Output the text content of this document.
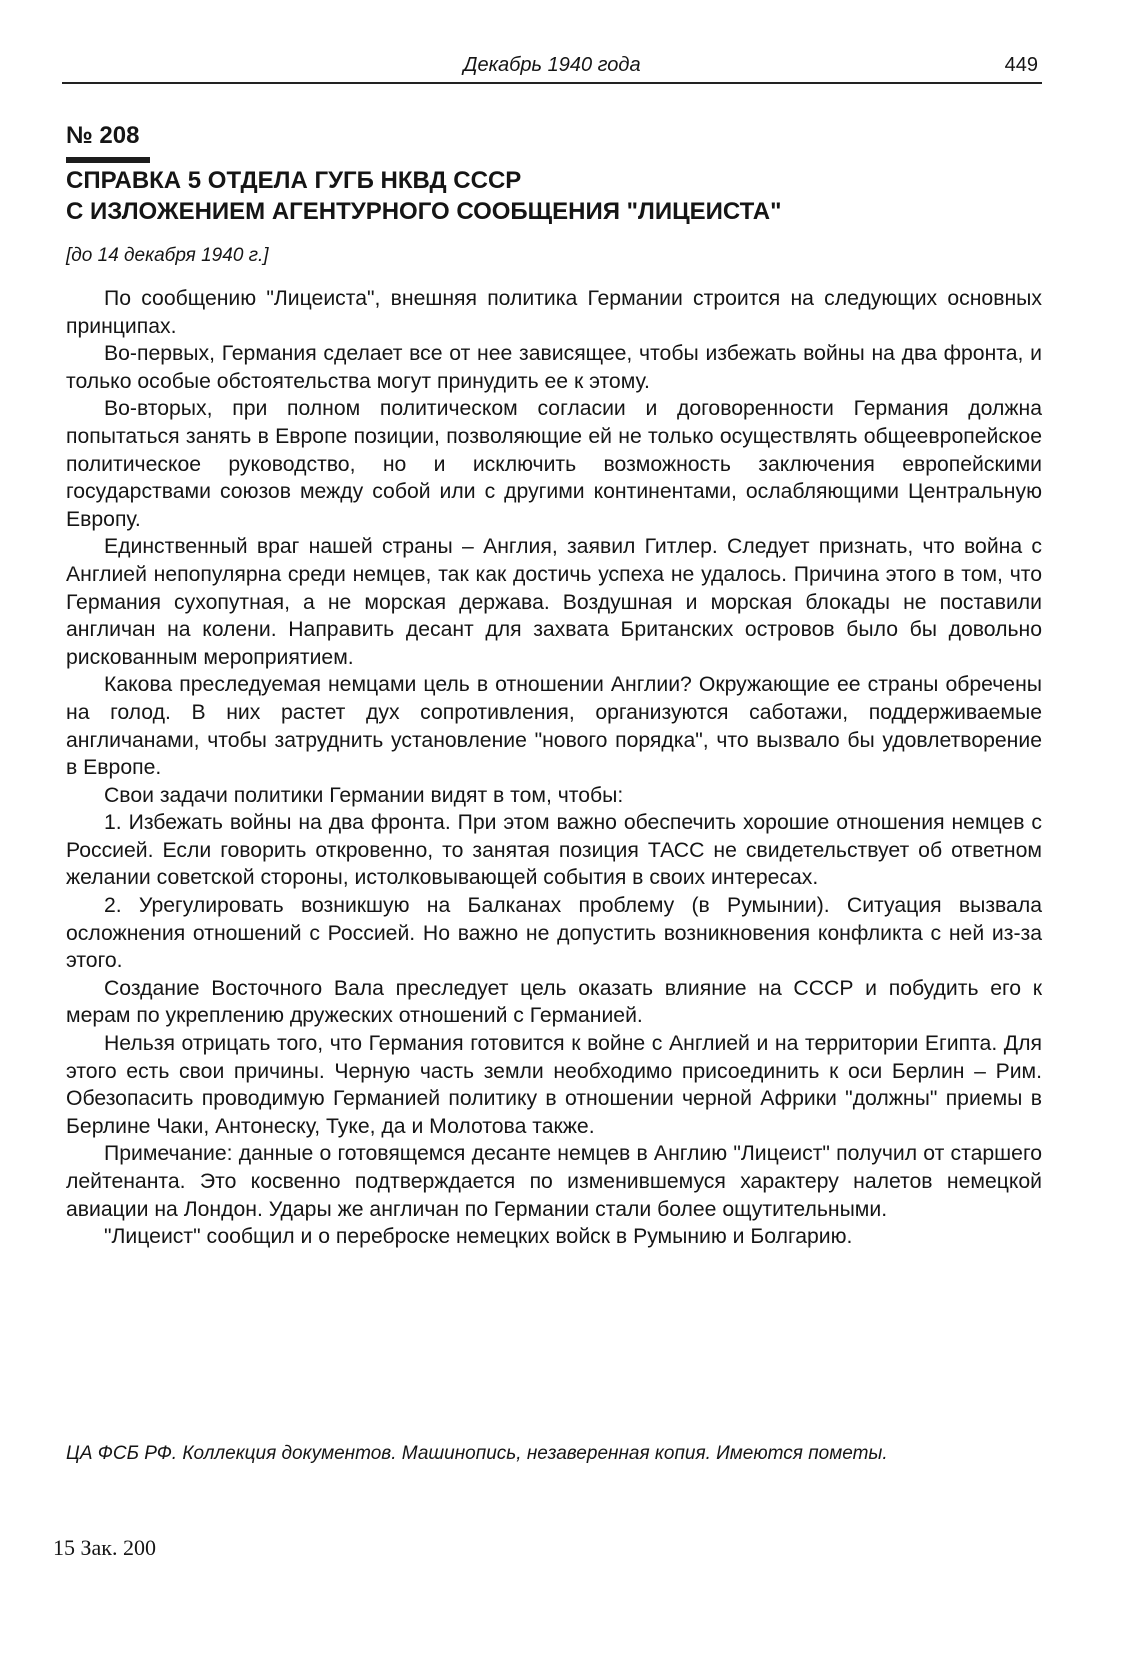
Декабрь 1940 года	449
№ 208
СПРАВКА 5 ОТДЕЛА ГУГБ НКВД СССР
С ИЗЛОЖЕНИЕМ АГЕНТУРНОГО СООБЩЕНИЯ "ЛИЦЕИСТА"
[до 14 декабря 1940 г.]

По сообщению "Лицеиста", внешняя политика Германии строится на следующих основных принципах.

Во-первых, Германия сделает все от нее зависящее, чтобы избежать войны на два фронта, и только особые обстоятельства могут принудить ее к этому.

Во-вторых, при полном политическом согласии и договоренности Германия должна попытаться занять в Европе позиции, позволяющие ей не только осуществлять общеевропейское политическое руководство, но и исключить возможность заключения европейскими государствами союзов между собой или с другими континентами, ослабляющими Центральную Европу.

Единственный враг нашей страны – Англия, заявил Гитлер. Следует признать, что война с Англией непопулярна среди немцев, так как достичь успеха не удалось. Причина этого в том, что Германия сухопутная, а не морская держава. Воздушная и морская блокады не поставили англичан на колени. Направить десант для захвата Британских островов было бы довольно рискованным мероприятием.

Какова преследуемая немцами цель в отношении Англии? Окружающие ее страны обречены на голод. В них растет дух сопротивления, организуются саботажи, поддерживаемые англичанами, чтобы затруднить установление "нового порядка", что вызвало бы удовлетворение в Европе.

Свои задачи политики Германии видят в том, чтобы:

1. Избежать войны на два фронта. При этом важно обеспечить хорошие отношения немцев с Россией. Если говорить откровенно, то занятая позиция ТАСС не свидетельствует об ответном желании советской стороны, истолковывающей события в своих интересах.

2. Урегулировать возникшую на Балканах проблему (в Румынии). Ситуация вызвала осложнения отношений с Россией. Но важно не допустить возникновения конфликта с ней из-за этого.

Создание Восточного Вала преследует цель оказать влияние на СССР и побудить его к мерам по укреплению дружеских отношений с Германией.

Нельзя отрицать того, что Германия готовится к войне с Англией и на территории Египта. Для этого есть свои причины. Черную часть земли необходимо присоединить к оси Берлин – Рим. Обезопасить проводимую Германией политику в отношении черной Африки "должны" приемы в Берлине Чаки, Антонеску, Туке, да и Молотова также.

Примечание: данные о готовящемся десанте немцев в Англию "Лицеист" получил от старшего лейтенанта. Это косвенно подтверждается по изменившемуся характеру налетов немецкой авиации на Лондон. Удары же англичан по Германии стали более ощутительными.

"Лицеист" сообщил и о переброске немецких войск в Румынию и Болгарию.

ЦА ФСБ РФ. Коллекция документов. Машинопись, незаверенная копия. Имеются пометы.

15 Зак. 200
